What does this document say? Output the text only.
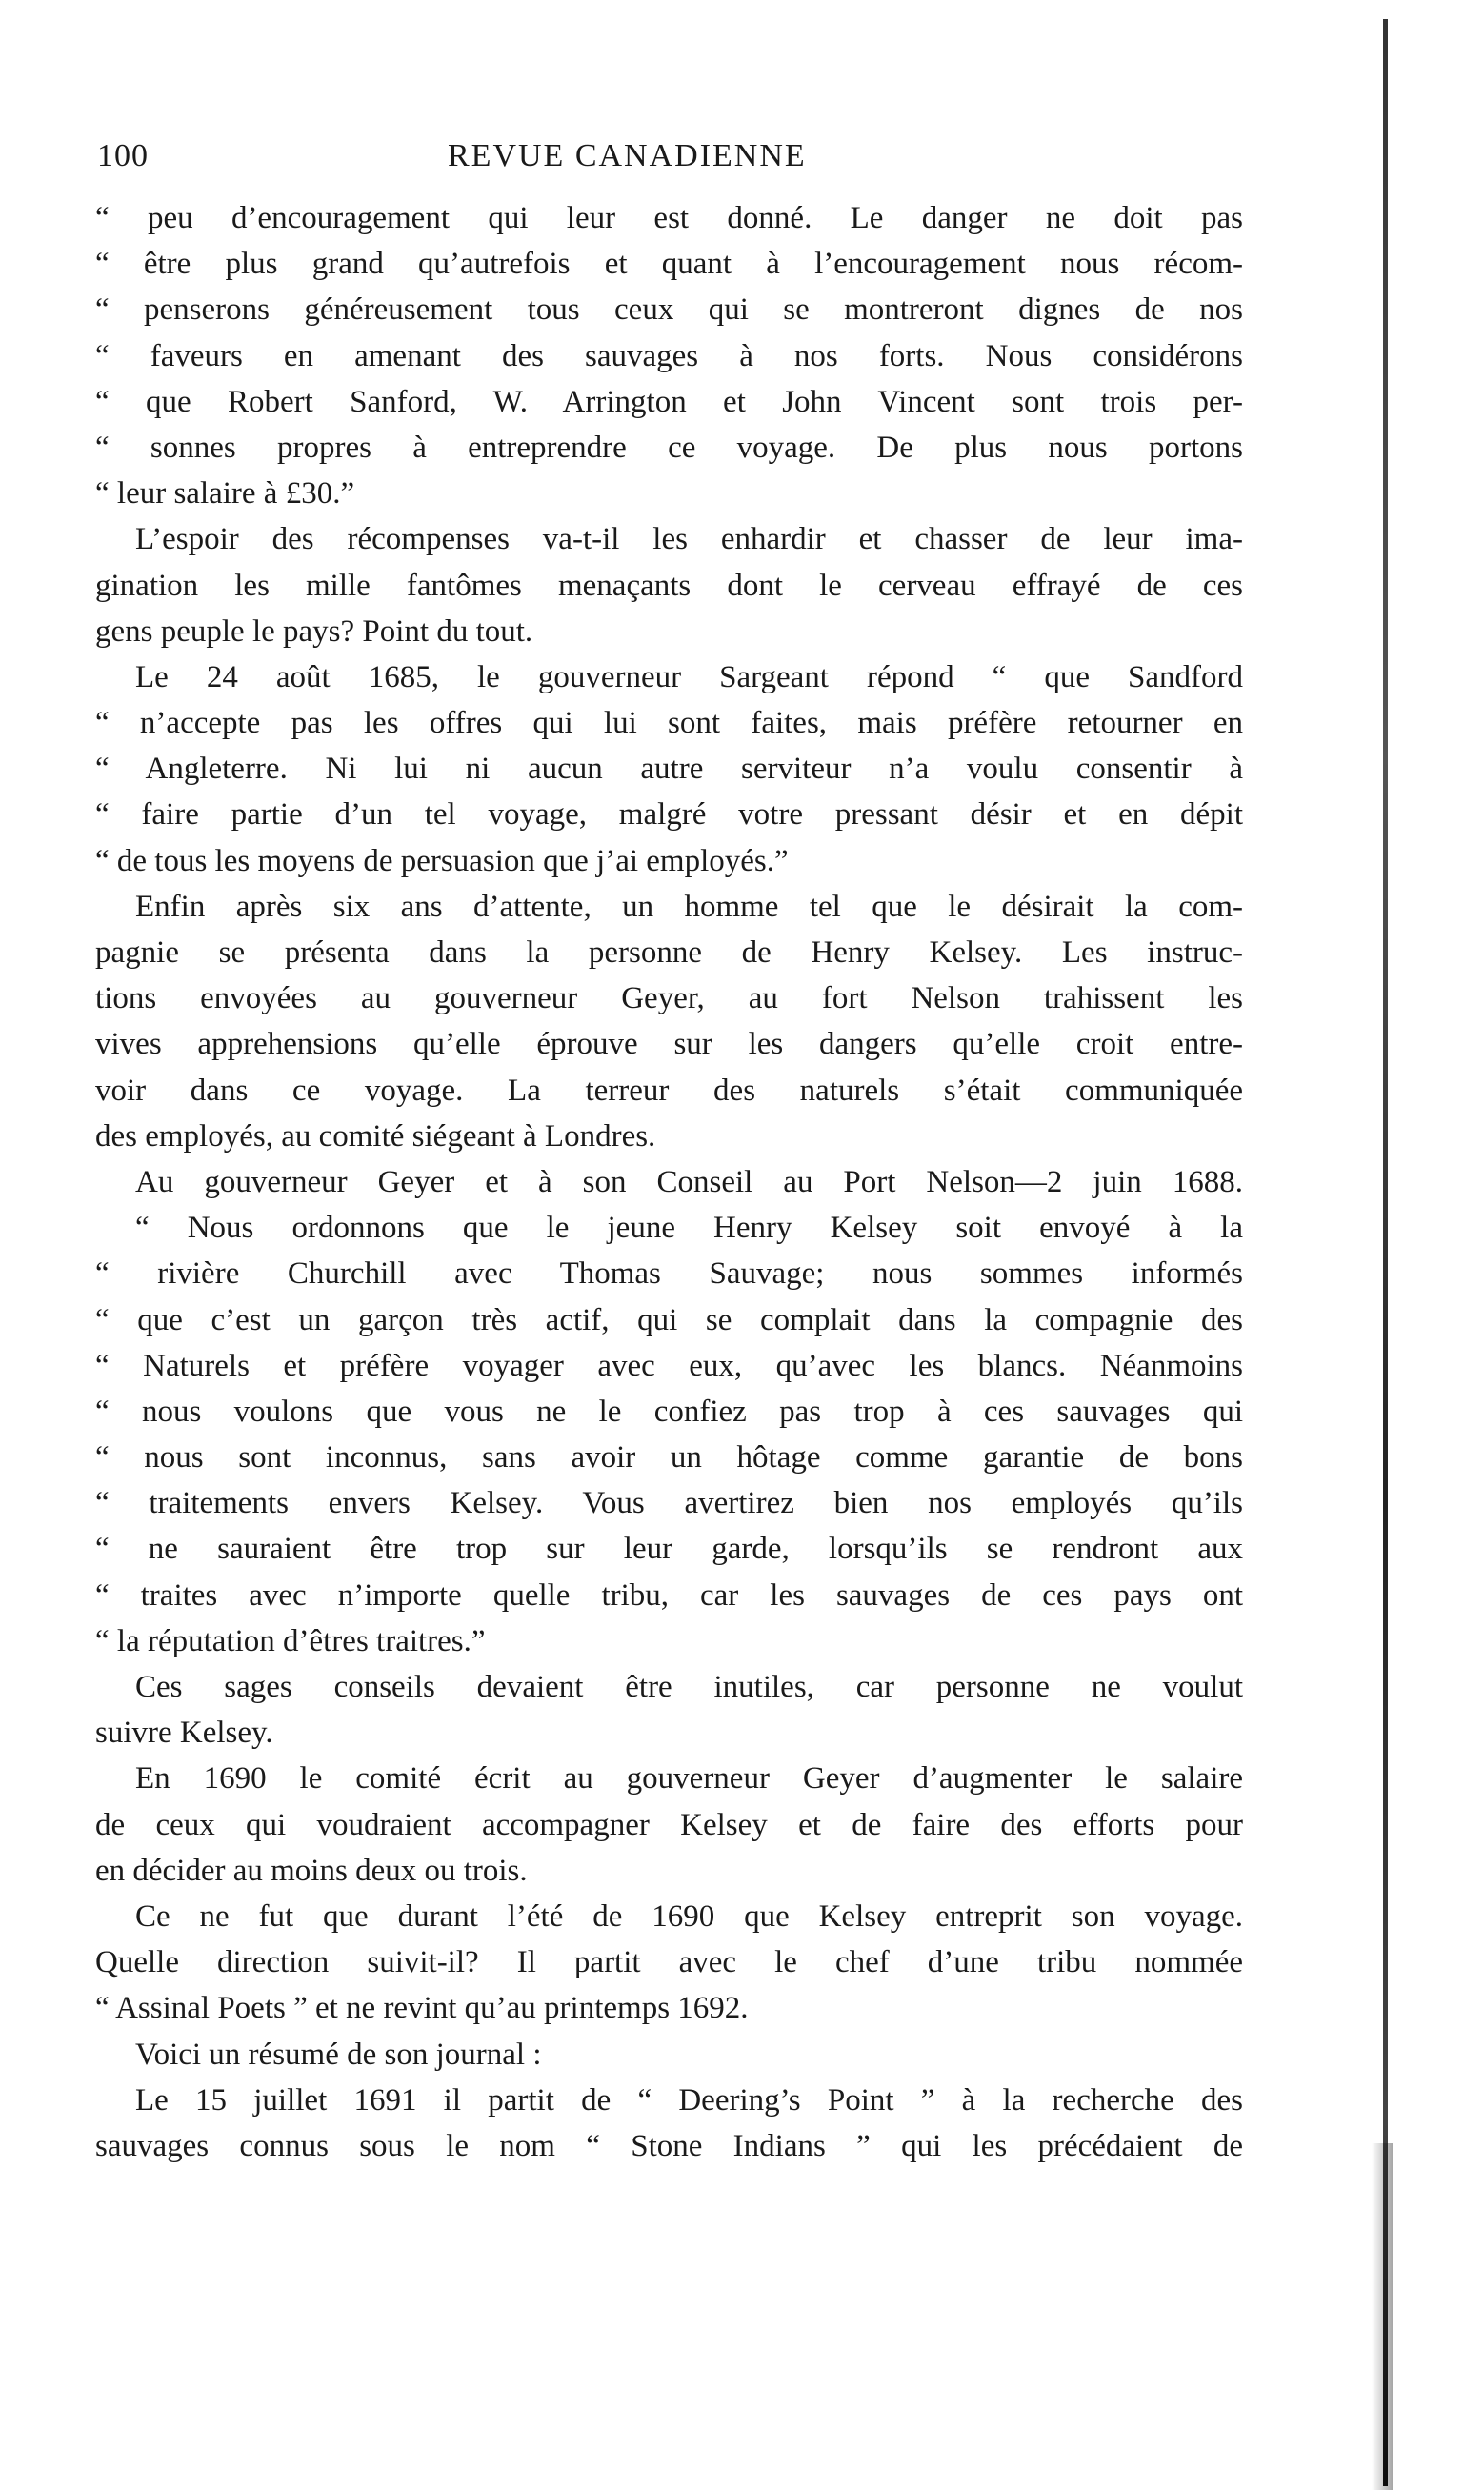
100	REVUE CANADIENNE
“ peu d’encouragement qui leur est donné. Le danger ne doit pas
“ être plus grand qu’autrefois et quant à l’encouragement nous récom-
“ penserons généreusement tous ceux qui se montreront dignes de nos
“ faveurs en amenant des sauvages à nos forts. Nous considérons
“ que Robert Sanford, W. Arrington et John Vincent sont trois per-
“ sonnes propres à entreprendre ce voyage. De plus nous portons
“ leur salaire à £30.”
L’espoir des récompenses va-t-il les enhardir et chasser de leur ima-
gination les mille fantômes menaçants dont le cerveau effrayé de ces
gens peuple le pays? Point du tout.
Le 24 août 1685, le gouverneur Sargeant répond “ que Sandford
“ n’accepte pas les offres qui lui sont faites, mais préfère retourner en
“ Angleterre. Ni lui ni aucun autre serviteur n’a voulu consentir à
“ faire partie d’un tel voyage, malgré votre pressant désir et en dépit
“ de tous les moyens de persuasion que j’ai employés.”
Enfin après six ans d’attente, un homme tel que le désirait la com-
pagnie se présenta dans la personne de Henry Kelsey. Les instruc-
tions envoyées au gouverneur Geyer, au fort Nelson trahissent les
vives apprehensions qu’elle éprouve sur les dangers qu’elle croit entre-
voir dans ce voyage. La terreur des naturels s’était communiquée
des employés, au comité siégeant à Londres.
Au gouverneur Geyer et à son Conseil au Port Nelson—2 juin 1688.
“ Nous ordonnons que le jeune Henry Kelsey soit envoyé à la
“ rivière Churchill avec Thomas Sauvage; nous sommes informés
“ que c’est un garçon très actif, qui se complait dans la compagnie des
“ Naturels et préfère voyager avec eux, qu’avec les blancs. Néanmoins
“ nous voulons que vous ne le confiez pas trop à ces sauvages qui
“ nous sont inconnus, sans avoir un hôtage comme garantie de bons
“ traitements envers Kelsey. Vous avertirez bien nos employés qu’ils
“ ne sauraient être trop sur leur garde, lorsqu’ils se rendront aux
“ traites avec n’importe quelle tribu, car les sauvages de ces pays ont
“ la réputation d’êtres traitres.”
Ces sages conseils devaient être inutiles, car personne ne voulut
suivre Kelsey.
En 1690 le comité écrit au gouverneur Geyer d’augmenter le salaire
de ceux qui voudraient accompagner Kelsey et de faire des efforts pour
en décider au moins deux ou trois.
Ce ne fut que durant l’été de 1690 que Kelsey entreprit son voyage.
Quelle direction suivit-il? Il partit avec le chef d’une tribu nommée
“ Assinal Poets ” et ne revint qu’au printemps 1692.
Voici un résumé de son journal :
Le 15 juillet 1691 il partit de “ Deering’s Point ” à la recherche des
sauvages connus sous le nom “ Stone Indians ” qui les précédaient de
